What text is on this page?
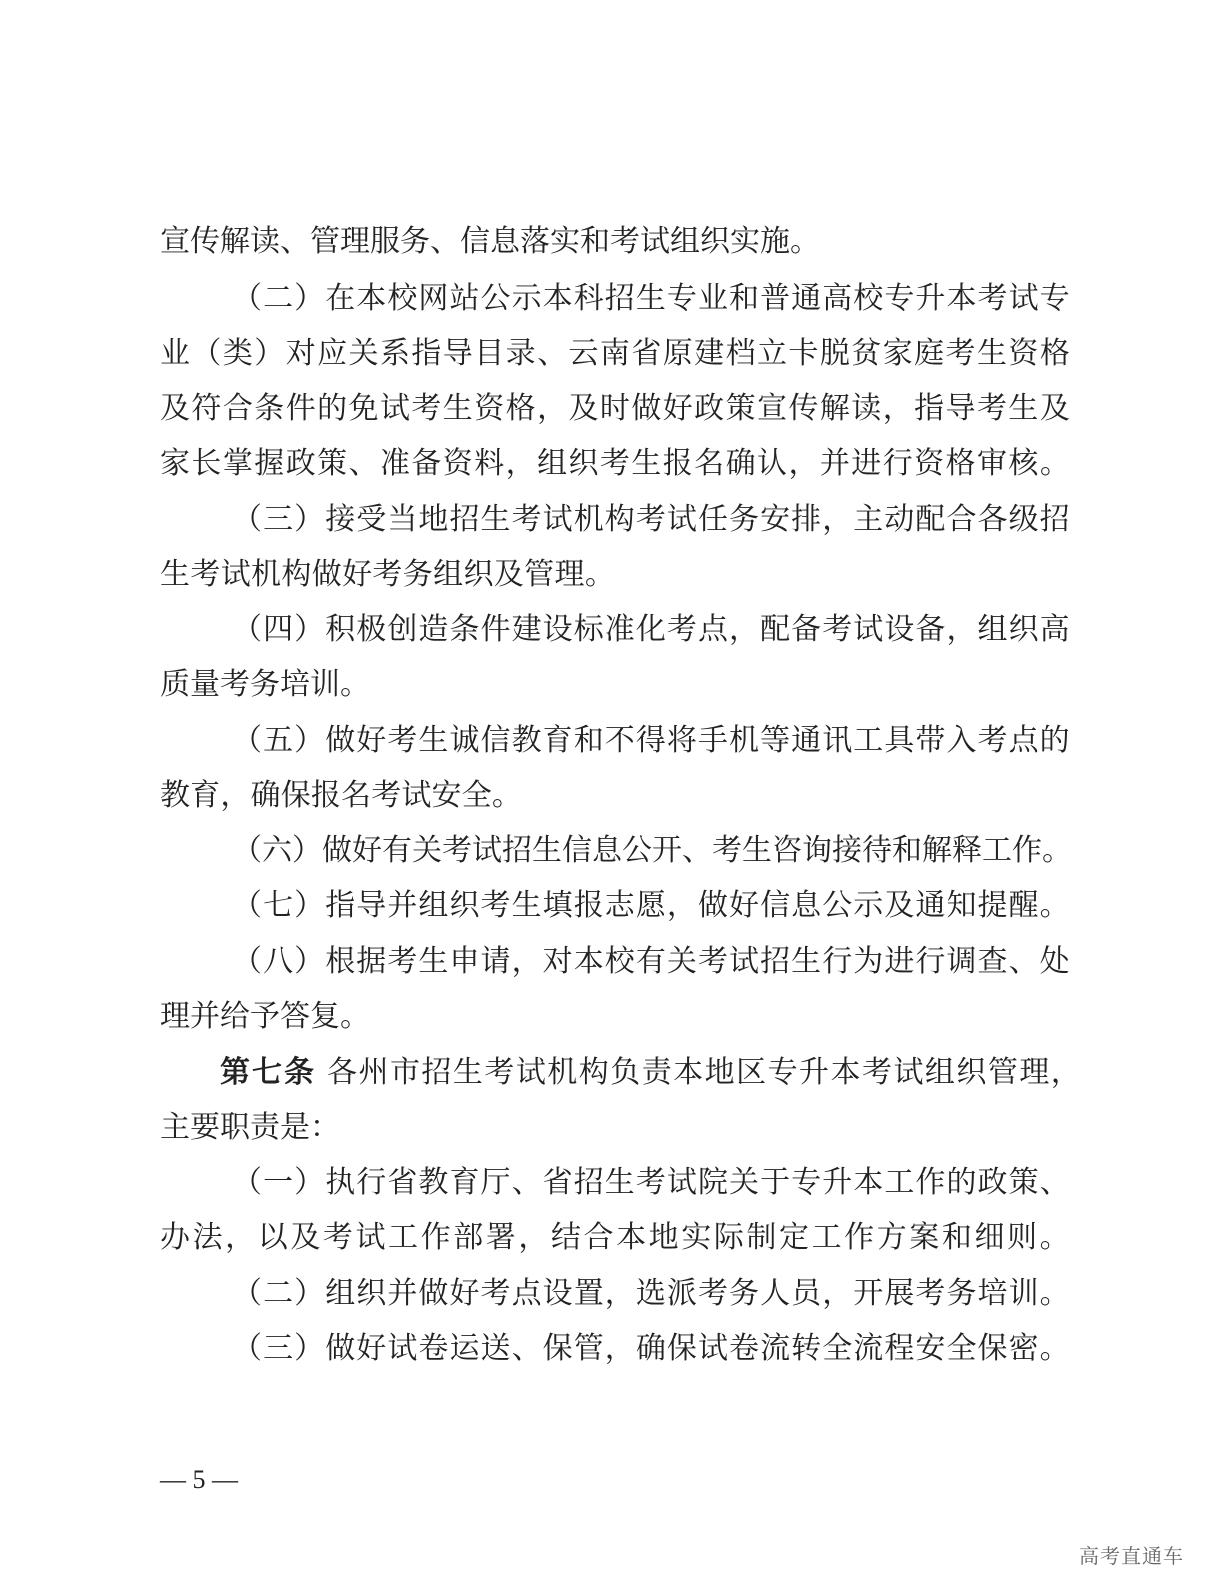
宣 传 解 读 、 管 理 服 务 、 信 息 落 实 和 考 试 组 织 实 施 。
（ 二 ） 在 本 校 网 站 公 示 本 科 招 生 专 业 和 普 通 高 校 专 升 本 考 试 专
业 （ 类 ） 对 应 关 系 指 导 目 录 、 云 南 省 原 建 档 立 卡 脱 贫 家 庭 考 生 资 格
及 符 合 条 件 的 免 试 考 生 资 格 ， 及 时 做 好 政 策 宣 传 解 读 ， 指 导 考 生 及
家 长 掌 握 政 策 、 准 备 资 料 ， 组 织 考 生 报 名 确 认 ， 并 进 行 资 格 审 核 。
（ 三 ） 接 受 当 地 招 生 考 试 机 构 考 试 任 务 安 排 ， 主 动 配 合 各 级 招
生 考 试 机 构 做 好 考 务 组 织 及 管 理 。
（ 四 ） 积 极 创 造 条 件 建 设 标 准 化 考 点 ， 配 备 考 试 设 备 ， 组 织 高
质 量 考 务 培 训 。
（ 五 ） 做 好 考 生 诚 信 教 育 和 不 得 将 手 机 等 通 讯 工 具 带 入 考 点 的
教 育 ， 确 保 报 名 考 试 安 全 。
（ 六 ） 做 好 有 关 考 试 招 生 信 息 公 开 、 考 生 咨 询 接 待 和 解 释 工 作 。
（ 七 ） 指 导 并 组 织 考 生 填 报 志 愿 ， 做 好 信 息 公 示 及 通 知 提 醒 。
（ 八 ） 根 据 考 生 申 请 ， 对 本 校 有 关 考 试 招 生 行 为 进 行 调 查 、 处
理 并 给 予 答 复 。
第七条 各 州 市 招 生 考 试 机 构 负 责 本 地 区 专 升 本 考 试 组 织 管 理 ，
主 要 职 责 是 ：
（ 一 ） 执 行 省 教 育 厅 、 省 招 生 考 试 院 关 于 专 升 本 工 作 的 政 策 、
办 法 ， 以 及 考 试 工 作 部 署 ， 结 合 本 地 实 际 制 定 工 作 方 案 和 细 则 。
（ 二 ） 组 织 并 做 好 考 点 设 置 ， 选 派 考 务 人 员 ， 开 展 考 务 培 训 。
（ 三 ） 做 好 试 卷 运 送 、 保 管 ， 确 保 试 卷 流 转 全 流 程 安 全 保 密 。
— 5 —
高考直通车
